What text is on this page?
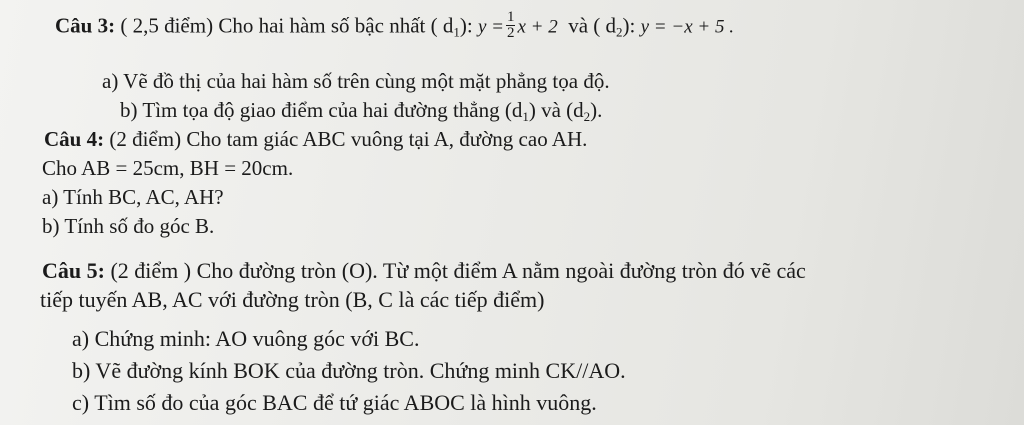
Câu 3: ( 2,5 điểm) Cho hai hàm số bậc nhất ( $d_1$): $y = \frac{1}{2}$ x + 2 và ( $d_2$): y = −x + 5 .
a) Vẽ đồ thị của hai hàm số trên cùng một mặt phẳng tọa độ.
b) Tìm tọa độ giao điểm của hai đường thẳng $(d_1)$ và $(d_2)$.
Câu 4: (2 điểm) Cho tam giác ABC vuông tại A, đường cao AH.
Cho AB = 25cm, BH = 20cm.
a) Tính BC, AC, AH?
b) Tính số đo góc B.
Câu 5: (2 điểm ) Cho đường tròn (O). Từ một điểm A nằm ngoài đường tròn đó vẽ các
tiếp tuyến AB, AC với đường tròn (B, C là các tiếp điểm)
a) Chứng minh: AO vuông góc với BC.
b) Vẽ đường kính BOK của đường tròn. Chứng minh CK//AO.
c) Tìm số đo của góc BAC để tứ giác ABOC là hình vuông.
